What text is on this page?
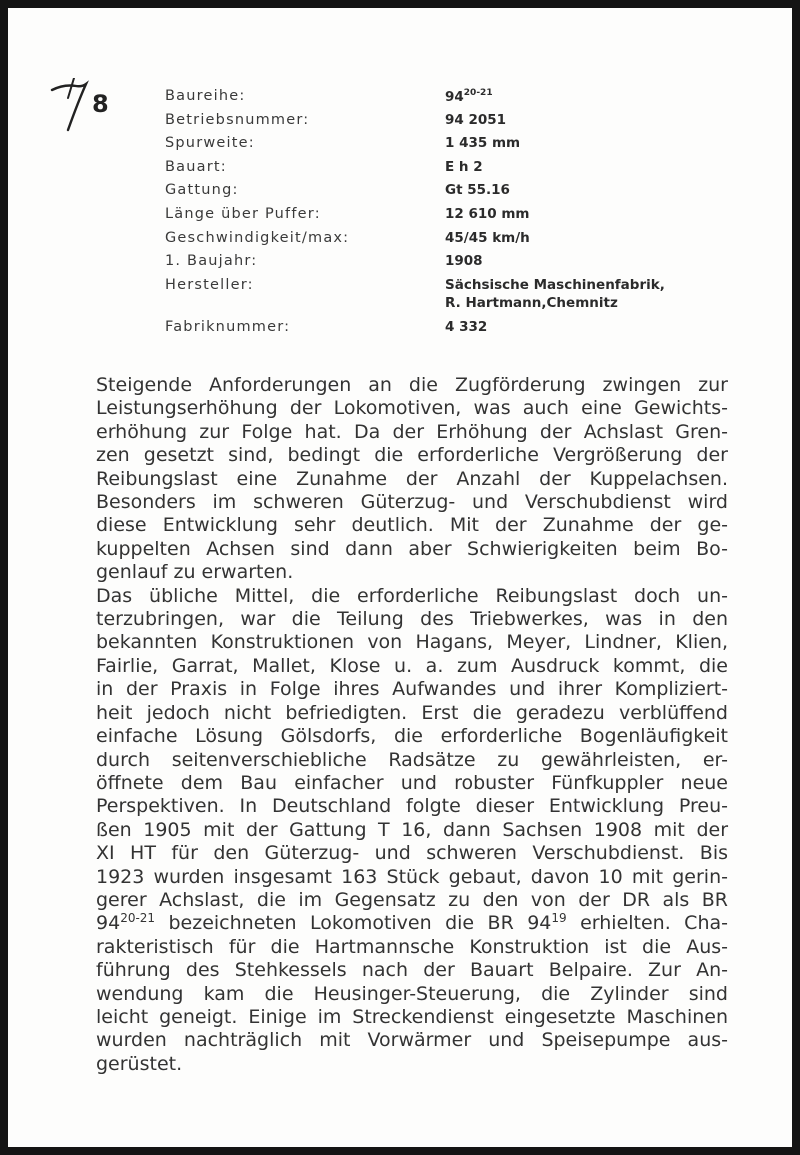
8	Baureihe:	94$^{20-21}$
Betriebsnummer:	94 2051
Spurweite:	1 435 mm
Bauart:	E h 2
Gattung:	Gt 55.16
Länge über Puffer:	12 610 mm
Geschwindigkeit/max:	45/45 km/h
1. Baujahr:	1908
Hersteller:	Sächsische Maschinenfabrik,
R. Hartmann,Chemnitz
Fabriknummer:	4 332
Steigende Anforderungen an die Zugförderung zwingen zur
Leistungserhöhung der Lokomotiven, was auch eine Gewichts-
erhöhung zur Folge hat. Da der Erhöhung der Achslast Gren-
zen gesetzt sind, bedingt die erforderliche Vergrößerung der
Reibungslast eine Zunahme der Anzahl der Kuppelachsen.
Besonders im schweren Güterzug- und Verschubdienst wird
diese Entwicklung sehr deutlich. Mit der Zunahme der ge-
kuppelten Achsen sind dann aber Schwierigkeiten beim Bo-
genlauf zu erwarten.
Das übliche Mittel, die erforderliche Reibungslast doch un-
terzubringen, war die Teilung des Triebwerkes, was in den
bekannten Konstruktionen von Hagans, Meyer, Lindner, Klien,
Fairlie, Garrat, Mallet, Klose u. a. zum Ausdruck kommt, die
in der Praxis in Folge ihres Aufwandes und ihrer Kompliziert-
heit jedoch nicht befriedigten. Erst die geradezu verblüffend
einfache Lösung Gölsdorfs, die erforderliche Bogenläufigkeit
durch seitenverschiebliche Radsätze zu gewährleisten, er-
öffnete dem Bau einfacher und robuster Fünfkuppler neue
Perspektiven. In Deutschland folgte dieser Entwicklung Preu-
ßen 1905 mit der Gattung T 16, dann Sachsen 1908 mit der
XI HT für den Güterzug- und schweren Verschubdienst. Bis
1923 wurden insgesamt 163 Stück gebaut, davon 10 mit gerin-
gerer Achslast, die im Gegensatz zu den von der DR als BR
94$^{20-21}$ bezeichneten Lokomotiven die BR $94^{19}$ erhielten. Cha-
rakteristisch für die Hartmannsche Konstruktion ist die Aus-
führung des Stehkessels nach der Bauart Belpaire. Zur An-
wendung kam die Heusinger-Steuerung, die Zylinder sind
leicht geneigt. Einige im Streckendienst eingesetzte Maschinen
wurden nachträglich mit Vorwärmer und Speisepumpe aus-
gerüstet.
